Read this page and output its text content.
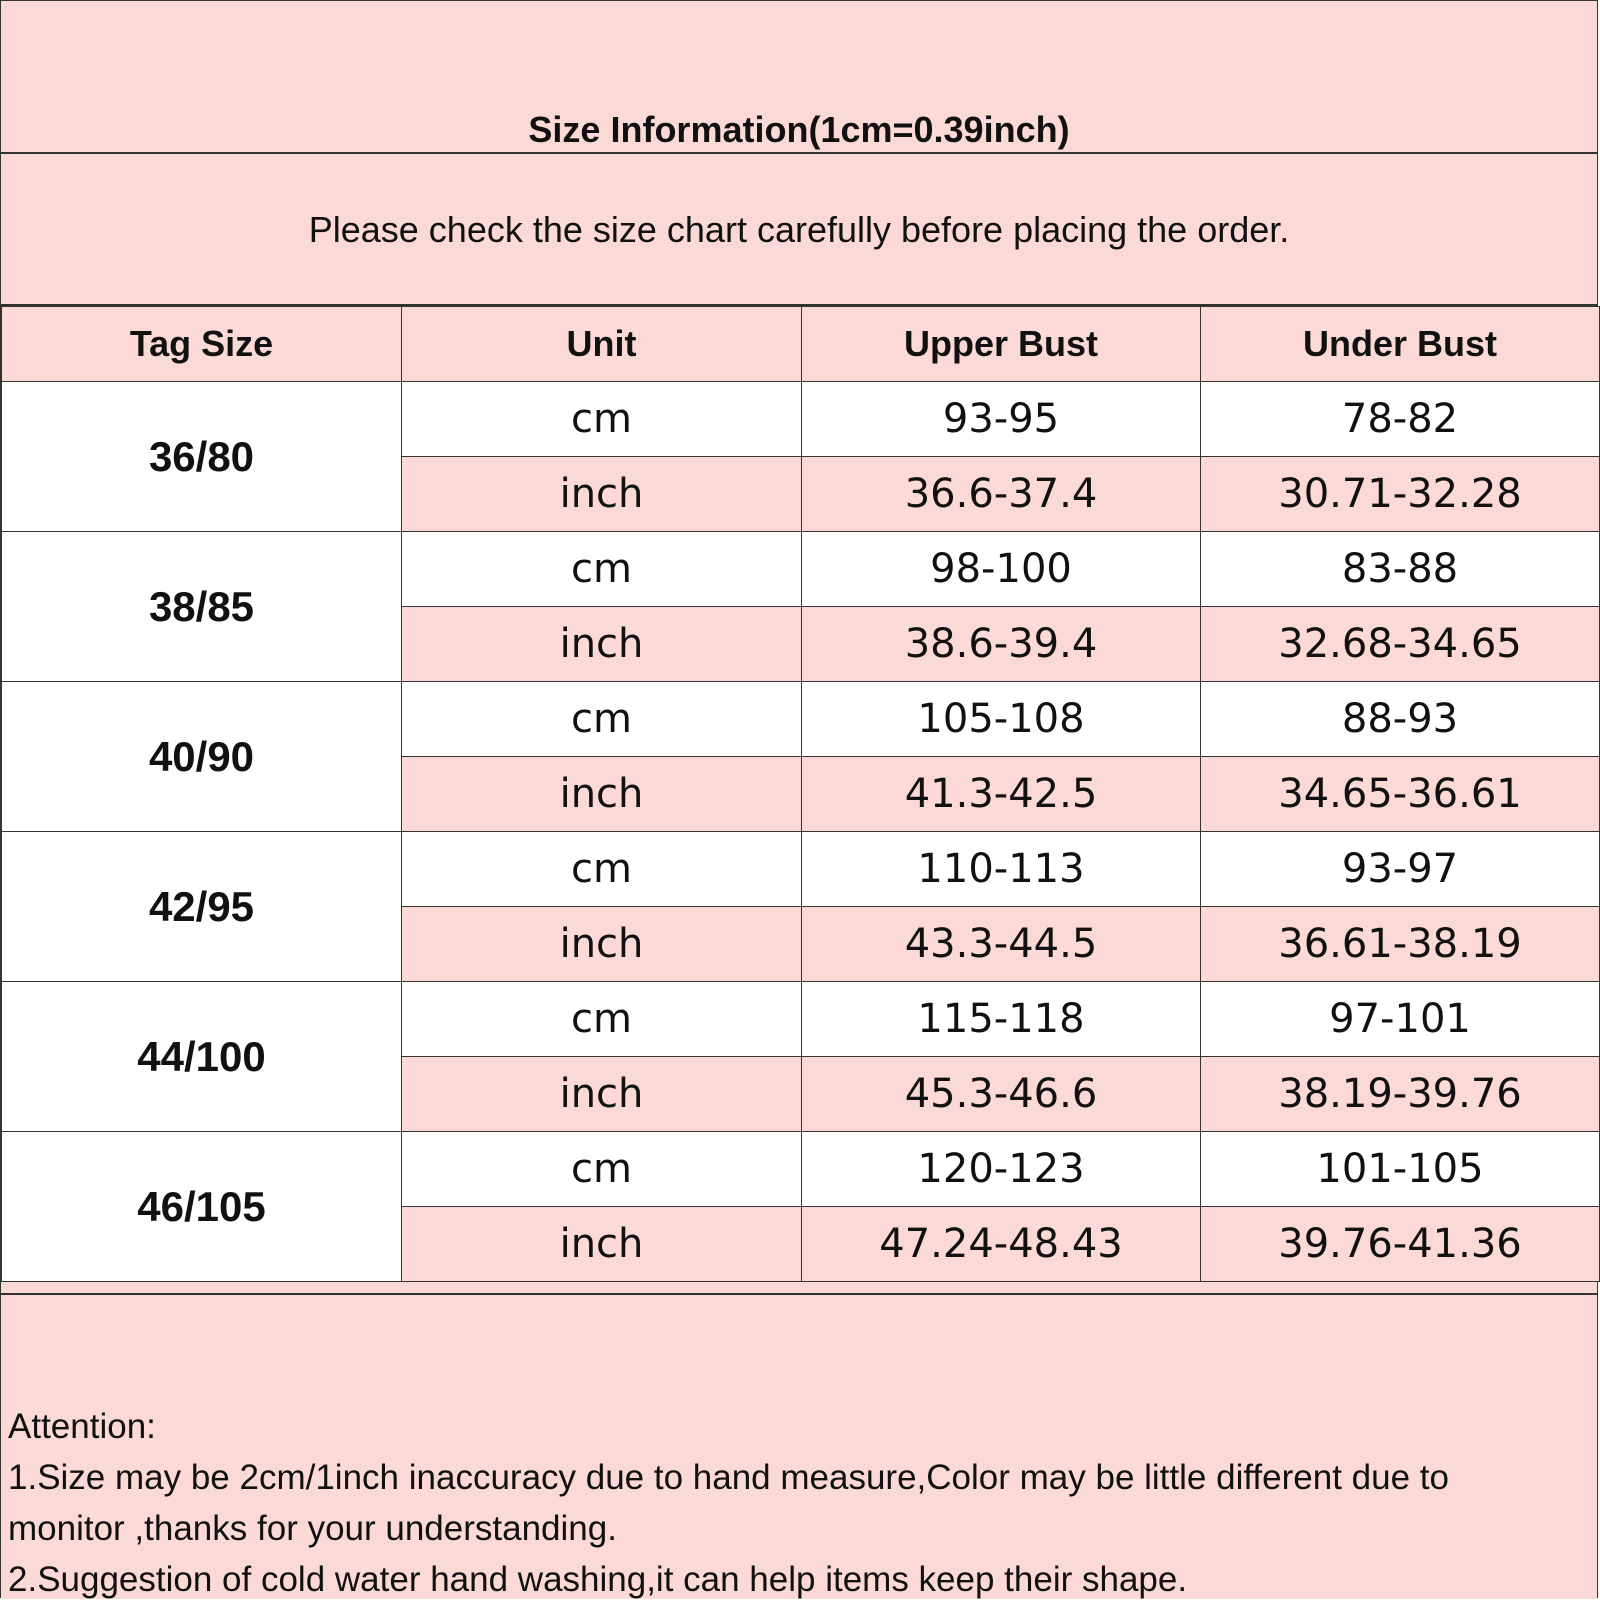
Size Information(1cm=0.39inch)
Please check the size chart carefully before placing the order.
Tag Size	Unit	Upper Bust	Under Bust
36/80	cm	93-95	78-82
	inch	36.6-37.4	30.71-32.28
38/85	cm	98-100	83-88
	inch	38.6-39.4	32.68-34.65
40/90	cm	105-108	88-93
	inch	41.3-42.5	34.65-36.61
42/95	cm	110-113	93-97
	inch	43.3-44.5	36.61-38.19
44/100	cm	115-118	97-101
	inch	45.3-46.6	38.19-39.76
46/105	cm	120-123	101-105
	inch	47.24-48.43	39.76-41.36
Attention:
1.Size may be 2cm/1inch inaccuracy due to hand measure,Color may be little different due to
monitor ,thanks for your understanding.
2.Suggestion of cold water hand washing,it can help items keep their shape.
